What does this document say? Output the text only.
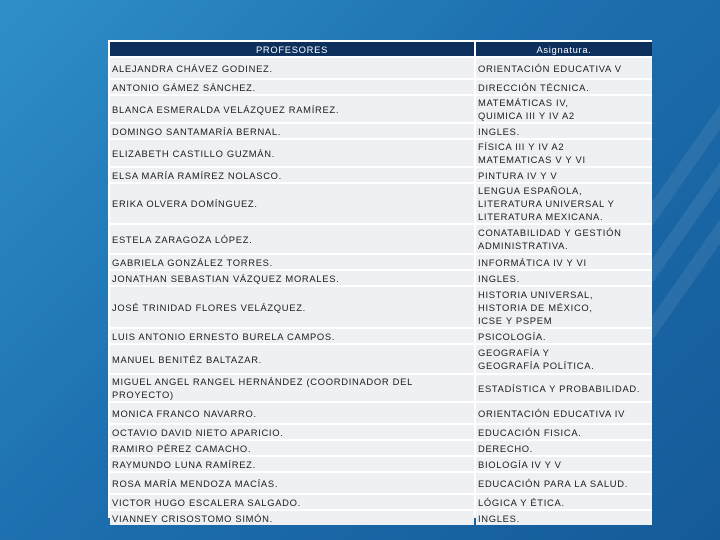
PROFESORES	Asignatura.
ALEJANDRA CHÁVEZ GODINEZ.	ORIENTACIÓN EDUCATIVA V

ANTONIO GÁMEZ SÁNCHEZ.	DIRECCIÓN TÉCNICA.

BLANCA ESMERALDA VELÁZQUEZ RAMÍREZ.	MATEMÁTICAS IV,
QUIMICA III Y IV A2

DOMINGO SANTAMARÍA BERNAL.	INGLES.

ELIZABETH CASTILLO GUZMÁN.	FÍSICA III Y IV A2
MATEMATICAS V Y VI

ELSA MARÍA RAMÍREZ NOLASCO.	PINTURA IV Y V

ERIKA OLVERA DOMÍNGUEZ.	LENGUA ESPAÑOLA,
LITERATURA UNIVERSAL Y
LITERATURA MEXICANA.

ESTELA ZARAGOZA LÓPEZ.	CONATABILIDAD Y GESTIÓN
ADMINISTRATIVA.

GABRIELA GONZÁLEZ TORRES.	INFORMÁTICA IV Y VI

JONATHAN SEBASTIAN VÁZQUEZ MORALES.	INGLES.

JOSÉ TRINIDAD FLORES VELÁZQUEZ.	HISTORIA UNIVERSAL,
HISTORIA DE MÉXICO,
ICSE Y PSPEM

LUIS ANTONIO ERNESTO BURELA CAMPOS.	PSICOLOGÍA.

MANUEL BENITÉZ BALTAZAR.	GEOGRAFÍA Y
GEOGRAFÍA POLÍTICA.

MIGUEL ANGEL RANGEL HERNÁNDEZ (COORDINADOR DEL PROYECTO)	ESTADÍSTICA Y PROBABILIDAD.

MONICA FRANCO NAVARRO.	ORIENTACIÓN EDUCATIVA IV

OCTAVIO DAVID NIETO APARICIO.	EDUCACIÓN FISICA.

RAMIRO PÉREZ CAMACHO.	DERECHO.

RAYMUNDO LUNA RAMÍREZ.	BIOLOGÍA IV Y V

ROSA MARÍA MENDOZA MACÍAS.	EDUCACIÓN PARA LA SALUD.

VICTOR HUGO ESCALERA SALGADO.	LÓGICA Y ÉTICA.

VIANNEY CRISOSTOMO SIMÓN.	INGLES.
